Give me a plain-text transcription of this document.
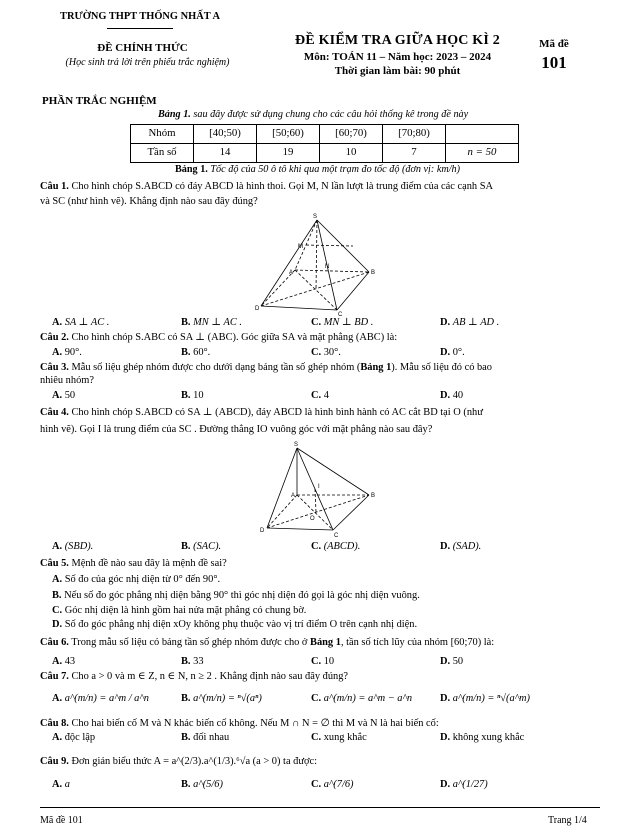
TRƯỜNG THPT THỐNG NHẤT A
ĐỀ CHÍNH THỨC
(Học sinh trả lời trên phiếu trắc nghiệm)
ĐỀ KIỂM TRA GIỮA HỌC KÌ 2
Môn: TOÁN 11 – Năm học: 2023 – 2024
Thời gian làm bài: 90 phút
Mã đề
101
PHẦN TRẮC NGHIỆM
Bảng 1. sau đây được sử dụng chung cho các câu hỏi thống kê trong đề này
Nhóm	[40;50)	[50;60)	[60;70)	[70;80)	
Tần số	14	19	10	7	n = 50
Bảng 1. Tốc độ của 50 ô tô khi qua một trạm đo tốc độ (đơn vị: km/h)
Câu 1. Cho hình chóp S.ABCD có đáy ABCD là hình thoi. Gọi M, N lần lượt là trung điểm của các cạnh SA
và SC (như hình vẽ). Khẳng định nào sau đây đúng?
S
M
N
A	B
D
C
A. SA ⊥ AC .	B. MN ⊥ AC .	C. MN ⊥ BD .	D. AB ⊥ AD .
Câu 2. Cho hình chóp S.ABC có SA ⊥ (ABC). Góc giữa SA và mặt phẳng (ABC) là:
A. 90°.	B. 60°.	C. 30°.	D. 0°.
Câu 3. Mẫu số liệu ghép nhóm được cho dưới dạng bảng tần số ghép nhóm (Bảng 1). Mẫu số liệu đó có bao
nhiêu nhóm?
A. 50	B. 10	C. 4	D. 40
Câu 4. Cho hình chóp S.ABCD có SA ⊥ (ABCD), đáy ABCD là hình bình hành có AC cắt BD tại O (như
hình vẽ). Gọi I là trung điểm của SC . Đường thẳng IO vuông góc với mặt phẳng nào sau đây?
S
A
I
B
O
D
C
A. (SBD).	B. (SAC).	C. (ABCD).	D. (SAD).
Câu 5. Mệnh đề nào sau đây là mệnh đề sai?
A. Số đo của góc nhị diện từ 0° đến 90°.
B. Nếu số đo góc phẳng nhị diện bằng 90° thì góc nhị diện đó gọi là góc nhị diện vuông.
C. Góc nhị diện là hình gồm hai nửa mặt phẳng có chung bờ.
D. Số đo góc phẳng nhị diện xOy không phụ thuộc vào vị trí điểm O trên cạnh nhị diện.
Câu 6. Trong mẫu số liệu có bảng tần số ghép nhóm được cho ở Bảng 1, tần số tích lũy của nhóm [60;70) là:
A. 43	B. 33	C. 10	D. 50
Câu 7. Cho a > 0 và m ∈ Z, n ∈ N, n ≥ 2 . Khẳng định nào sau đây đúng?
A. a^(m/n) = a^m / a^n	B. a^(m/n) = ⁿ√(aⁿ)	C. a^(m/n) = a^m − a^n	D. a^(m/n) = ⁿ√(a^m)
Câu 8. Cho hai biến cố M và N khác biến cố không. Nếu M ∩ N = ∅ thì M và N là hai biến cố:
A. độc lập	B. đối nhau	C. xung khắc	D. không xung khắc
Câu 9. Đơn giản biểu thức A = a^(2/3).a^(1/3).⁶√a (a > 0) ta được:
A. a	B. a^(5/6)	C. a^(7/6)	D. a^(1/27)
Mã đề 101	Trang 1/4
